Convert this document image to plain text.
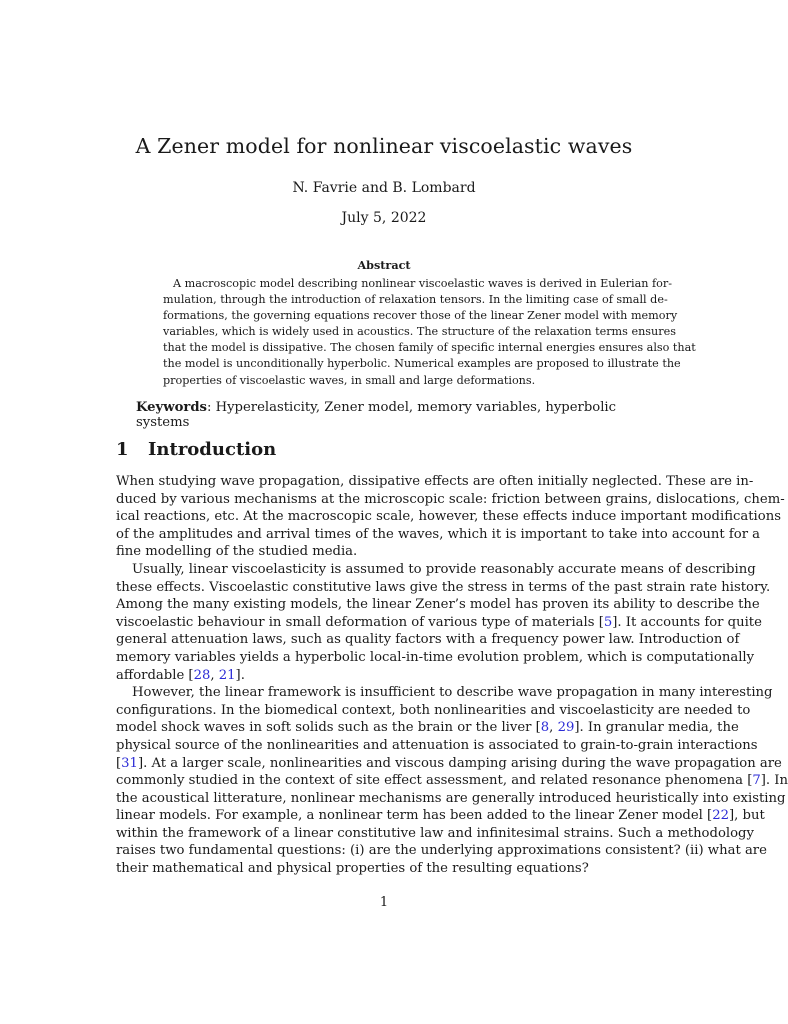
A Zener model for nonlinear viscoelastic waves
N. Favrie and B. Lombard
July 5, 2022
Abstract
A macroscopic model describing nonlinear viscoelastic waves is derived in Eulerian for-
mulation, through the introduction of relaxation tensors. In the limiting case of small de-
formations, the governing equations recover those of the linear Zener model with memory
variables, which is widely used in acoustics. The structure of the relaxation terms ensures
that the model is dissipative. The chosen family of specific internal energies ensures also that
the model is unconditionally hyperbolic. Numerical examples are proposed to illustrate the
properties of viscoelastic waves, in small and large deformations.
Keywords: Hyperelasticity, Zener model, memory variables, hyperbolic systems
1 Introduction
When studying wave propagation, dissipative effects are often initially neglected. These are in-
duced by various mechanisms at the microscopic scale: friction between grains, dislocations, chem-
ical reactions, etc. At the macroscopic scale, however, these effects induce important modifications
of the amplitudes and arrival times of the waves, which it is important to take into account for a
fine modelling of the studied media.
Usually, linear viscoelasticity is assumed to provide reasonably accurate means of describing
these effects. Viscoelastic constitutive laws give the stress in terms of the past strain rate history.
Among the many existing models, the linear Zener’s model has proven its ability to describe the
viscoelastic behaviour in small deformation of various type of materials [5]. It accounts for quite
general attenuation laws, such as quality factors with a frequency power law. Introduction of
memory variables yields a hyperbolic local-in-time evolution problem, which is computationally
affordable [28, 21].
However, the linear framework is insufficient to describe wave propagation in many interesting
configurations. In the biomedical context, both nonlinearities and viscoelasticity are needed to
model shock waves in soft solids such as the brain or the liver [8, 29]. In granular media, the
physical source of the nonlinearities and attenuation is associated to grain-to-grain interactions
[31]. At a larger scale, nonlinearities and viscous damping arising during the wave propagation are
commonly studied in the context of site effect assessment, and related resonance phenomena [7]. In
the acoustical litterature, nonlinear mechanisms are generally introduced heuristically into existing
linear models. For example, a nonlinear term has been added to the linear Zener model [22], but
within the framework of a linear constitutive law and infinitesimal strains. Such a methodology
raises two fundamental questions: (i) are the underlying approximations consistent? (ii) what are
their mathematical and physical properties of the resulting equations?
1
